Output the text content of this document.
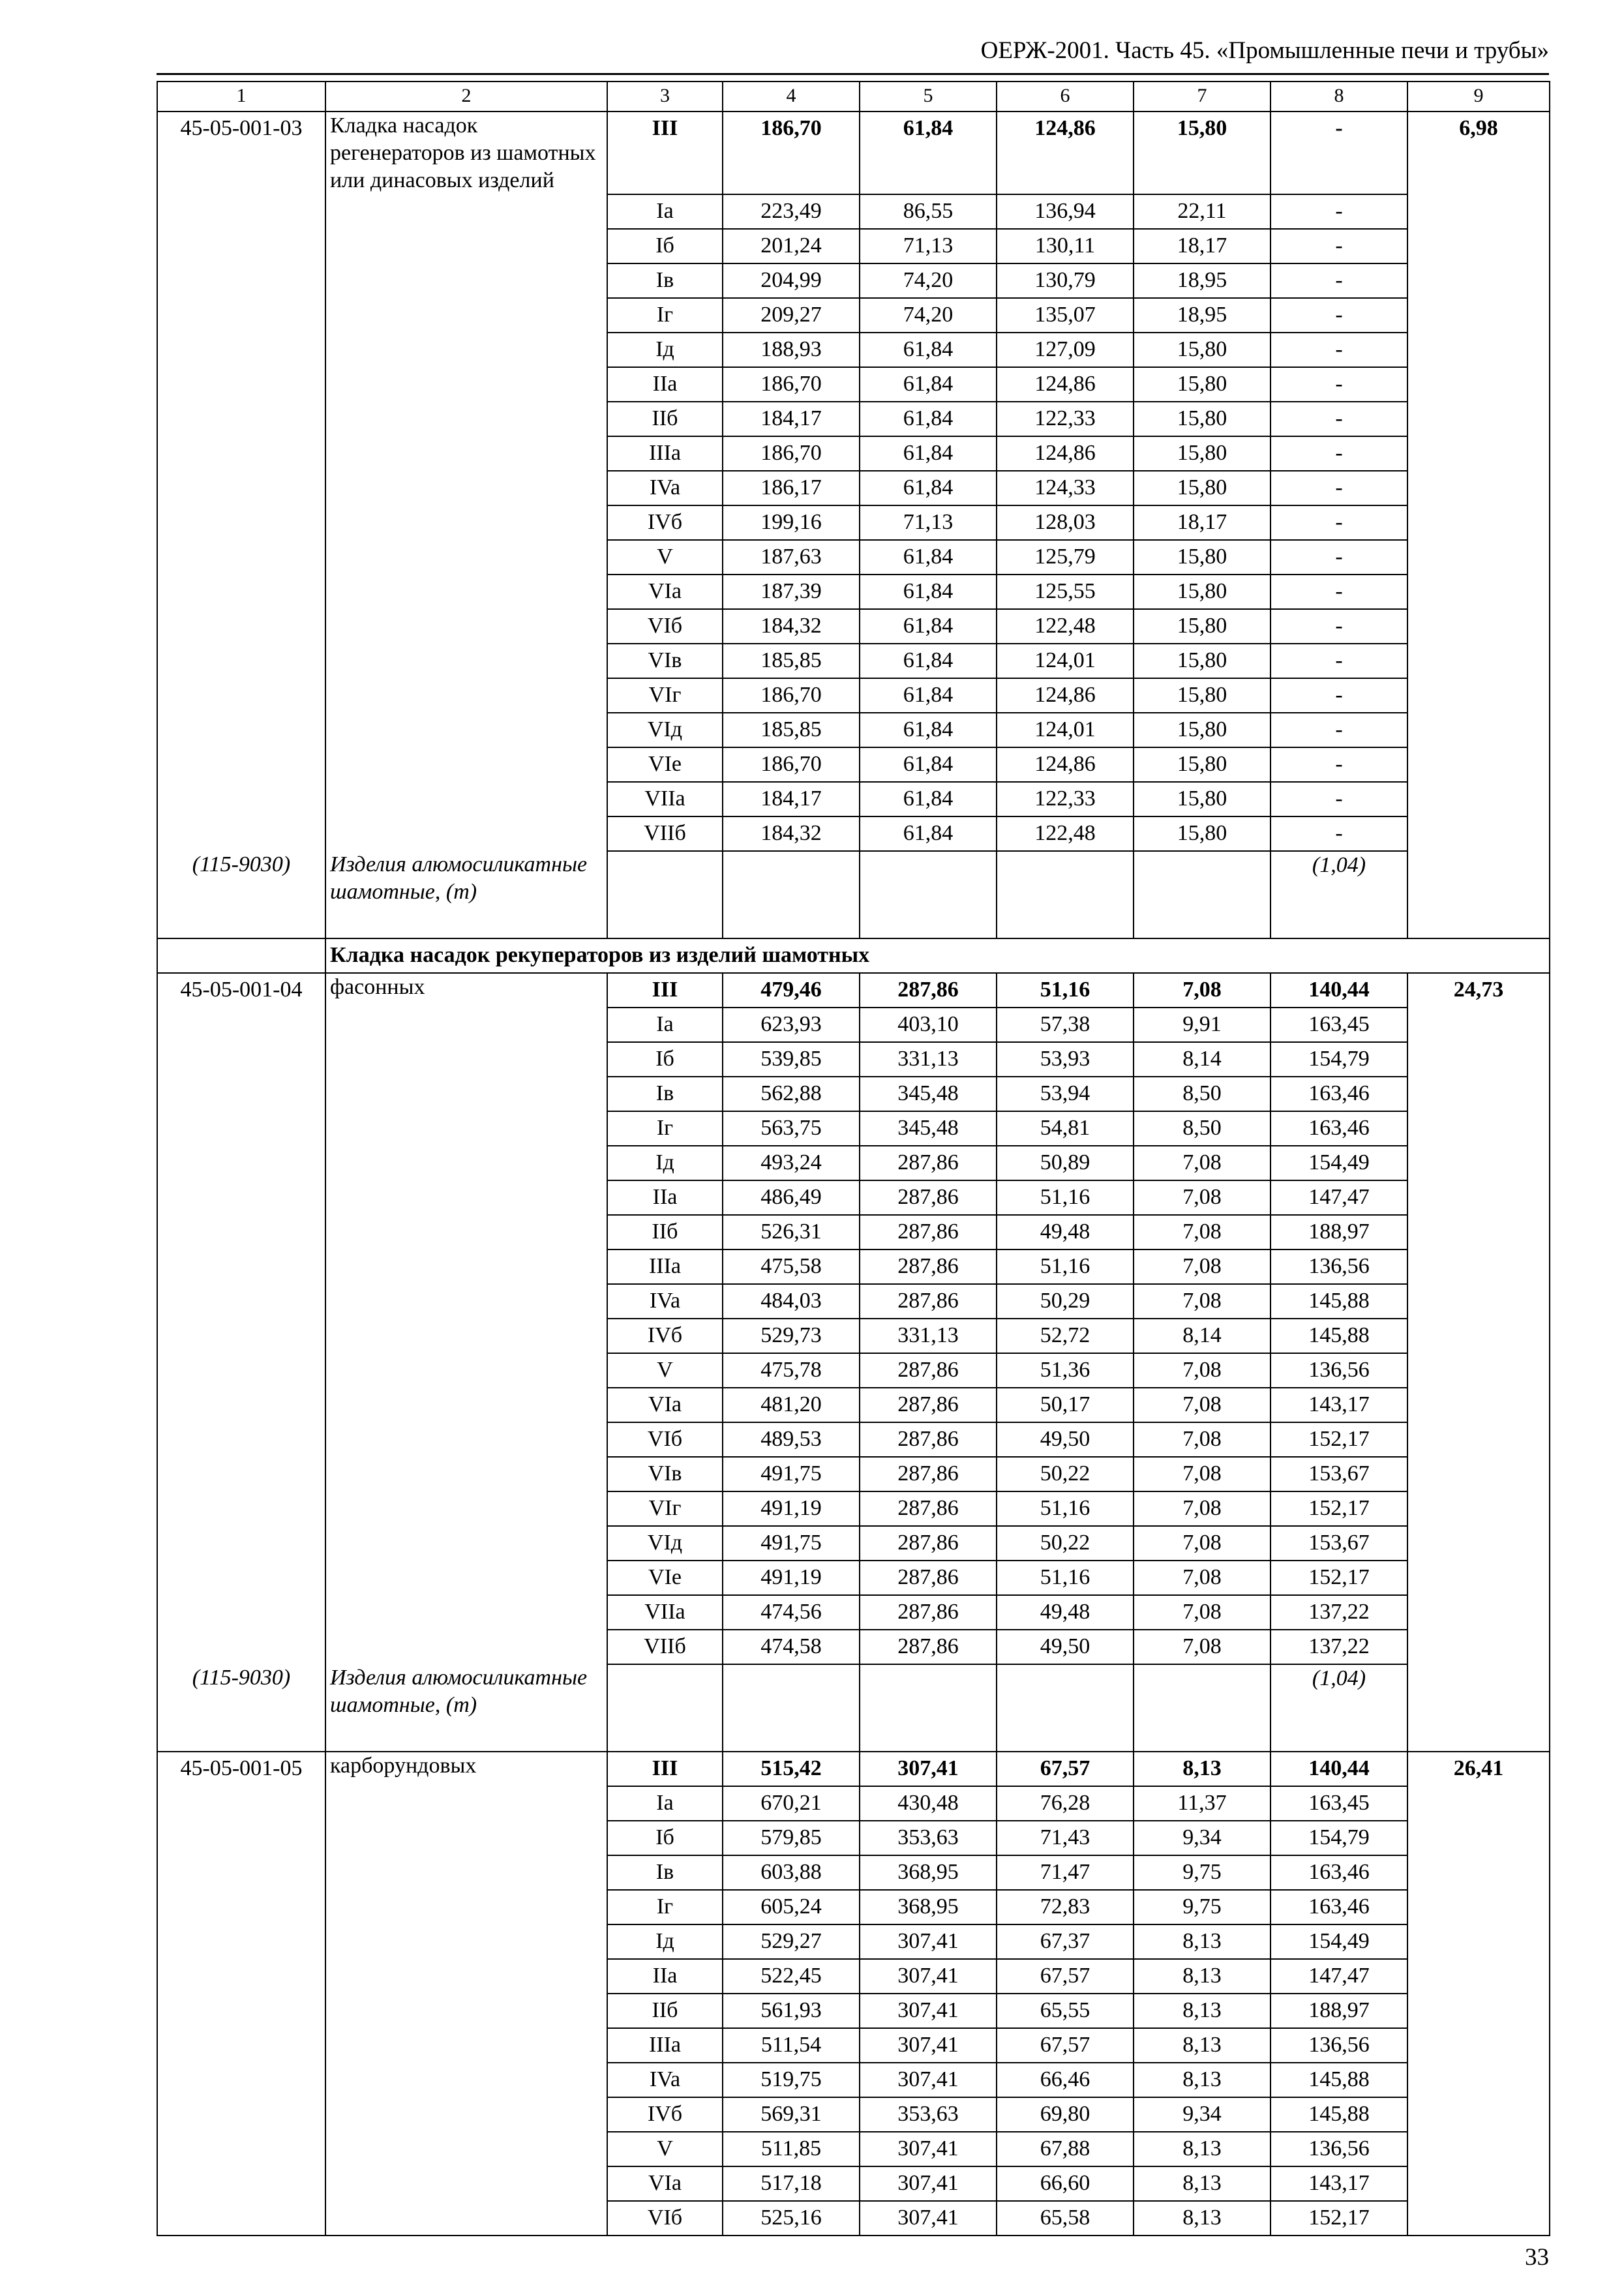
ОЕРЖ-2001. Часть 45. «Промышленные печи и трубы»
1	2	3	4	5	6	7	8	9
45-05-001-03	Кладка насадок регенераторов из шамотных или динасовых изделий	III	186,70	61,84	124,86	15,80	-	6,98
		Ia	223,49	86,55	136,94	22,11	-	
		Iб	201,24	71,13	130,11	18,17	-	
		Iв	204,99	74,20	130,79	18,95	-	
		Iг	209,27	74,20	135,07	18,95	-	
		Iд	188,93	61,84	127,09	15,80	-	
		IIa	186,70	61,84	124,86	15,80	-	
		IIб	184,17	61,84	122,33	15,80	-	
		IIIa	186,70	61,84	124,86	15,80	-	
		IVa	186,17	61,84	124,33	15,80	-	
		IVб	199,16	71,13	128,03	18,17	-	
		V	187,63	61,84	125,79	15,80	-	
		VIa	187,39	61,84	125,55	15,80	-	
		VIб	184,32	61,84	122,48	15,80	-	
		VIв	185,85	61,84	124,01	15,80	-	
		VIг	186,70	61,84	124,86	15,80	-	
		VIд	185,85	61,84	124,01	15,80	-	
		VIe	186,70	61,84	124,86	15,80	-	
		VIIa	184,17	61,84	122,33	15,80	-	
		VIIб	184,32	61,84	122,48	15,80	-	
(115-9030)	Изделия алюмосиликатные шамотные, (т)						(1,04)	
	Кладка насадок рекуператоров из изделий шамотных							
45-05-001-04	фасонных	III	479,46	287,86	51,16	7,08	140,44	24,73
		Ia	623,93	403,10	57,38	9,91	163,45	
		Iб	539,85	331,13	53,93	8,14	154,79	
		Iв	562,88	345,48	53,94	8,50	163,46	
		Iг	563,75	345,48	54,81	8,50	163,46	
		Iд	493,24	287,86	50,89	7,08	154,49	
		IIa	486,49	287,86	51,16	7,08	147,47	
		IIб	526,31	287,86	49,48	7,08	188,97	
		IIIa	475,58	287,86	51,16	7,08	136,56	
		IVa	484,03	287,86	50,29	7,08	145,88	
		IVб	529,73	331,13	52,72	8,14	145,88	
		V	475,78	287,86	51,36	7,08	136,56	
		VIa	481,20	287,86	50,17	7,08	143,17	
		VIб	489,53	287,86	49,50	7,08	152,17	
		VIв	491,75	287,86	50,22	7,08	153,67	
		VIг	491,19	287,86	51,16	7,08	152,17	
		VIд	491,75	287,86	50,22	7,08	153,67	
		VIe	491,19	287,86	51,16	7,08	152,17	
		VIIa	474,56	287,86	49,48	7,08	137,22	
		VIIб	474,58	287,86	49,50	7,08	137,22	
(115-9030)	Изделия алюмосиликатные шамотные, (т)						(1,04)	
45-05-001-05	карборундовых	III	515,42	307,41	67,57	8,13	140,44	26,41
		Ia	670,21	430,48	76,28	11,37	163,45	
		Iб	579,85	353,63	71,43	9,34	154,79	
		Iв	603,88	368,95	71,47	9,75	163,46	
		Iг	605,24	368,95	72,83	9,75	163,46	
		Iд	529,27	307,41	67,37	8,13	154,49	
		IIa	522,45	307,41	67,57	8,13	147,47	
		IIб	561,93	307,41	65,55	8,13	188,97	
		IIIa	511,54	307,41	67,57	8,13	136,56	
		IVa	519,75	307,41	66,46	8,13	145,88	
		IVб	569,31	353,63	69,80	9,34	145,88	
		V	511,85	307,41	67,88	8,13	136,56	
		VIa	517,18	307,41	66,60	8,13	143,17	
		VIб	525,16	307,41	65,58	8,13	152,17	
33
